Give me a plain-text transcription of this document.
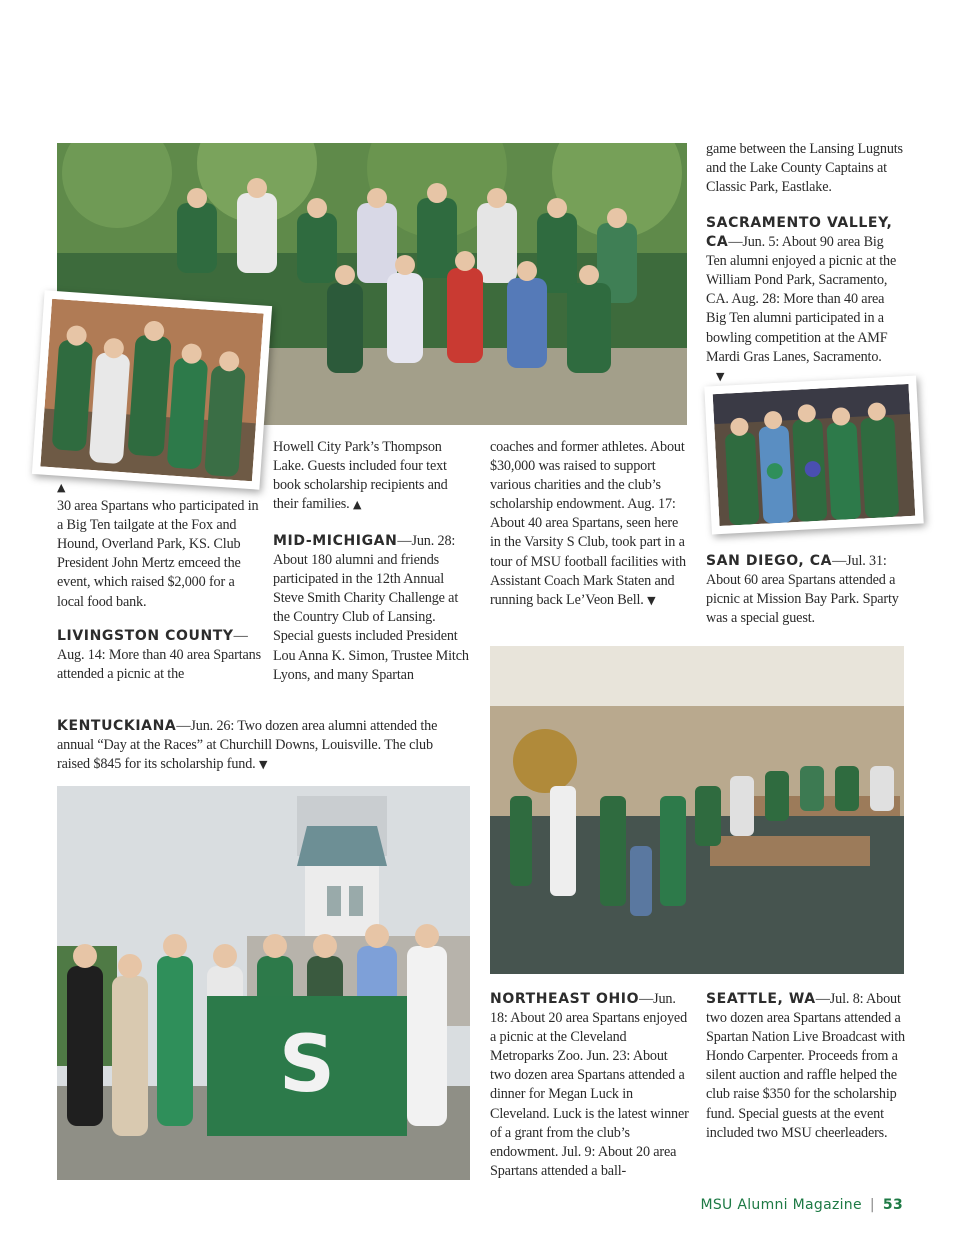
▲

30 area Spartans who participated in a Big Ten tailgate at the Fox and Hound, Overland Park, KS. Club President John Mertz emceed the event, which raised $2,000 for a local food bank.

LIVINGSTON COUNTY—Aug. 14: More than 40 area Spartans attended a picnic at the

Howell City Park’s Thompson Lake. Guests included four text book scholarship recipients and their families. ▲

MID-MICHIGAN—Jun. 28: About 180 alumni and friends participated in the 12th Annual Steve Smith Charity Challenge at the Country Club of Lansing. Special guests included President Lou Anna K. Simon, Trustee Mitch Lyons, and many Spartan

coaches and former athletes. About $30,000 was raised to support various charities and the club’s scholarship endowment. Aug. 17: About 40 area Spartans, seen here in the Varsity S Club, took part in a tour of MSU football facilities with Assistant Coach Mark Staten and running back Le’Veon Bell. ▼

game between the Lansing Lugnuts and the Lake County Captains at Classic Park, Eastlake.

SACRAMENTO VALLEY, CA—Jun. 5: About 90 area Big Ten alumni enjoyed a picnic at the William Pond Park, Sacramento, CA. Aug. 28: More than 40 area Big Ten alumni participated in a bowling competition at the AMF Mardi Gras Lanes, Sacramento.

▼

SAN DIEGO, CA—Jul. 31: About 60 area Spartans attended a picnic at Mission Bay Park. Sparty was a special guest.

KENTUCKIANA—Jun. 26: Two dozen area alumni attended the annual “Day at the Races” at Churchill Downs, Louisville. The club raised $845 for its scholarship fund. ▼

S

NORTHEAST OHIO—Jun. 18: About 20 area Spartans enjoyed a picnic at the Cleveland Metroparks Zoo. Jun. 23: About two dozen area Spartans attended a dinner for Megan Luck in Cleveland. Luck is the latest winner of a grant from the club’s endowment. Jul. 9: About 20 area Spartans attended a ball-

SEATTLE, WA—Jul. 8: About two dozen area Spartans attended a Spartan Nation Live Broadcast with Hondo Carpenter. Proceeds from a silent auction and raffle helped the club raise $350 for the scholarship fund. Special guests at the event included two MSU cheerleaders.

MSU Alumni Magazine | 53
